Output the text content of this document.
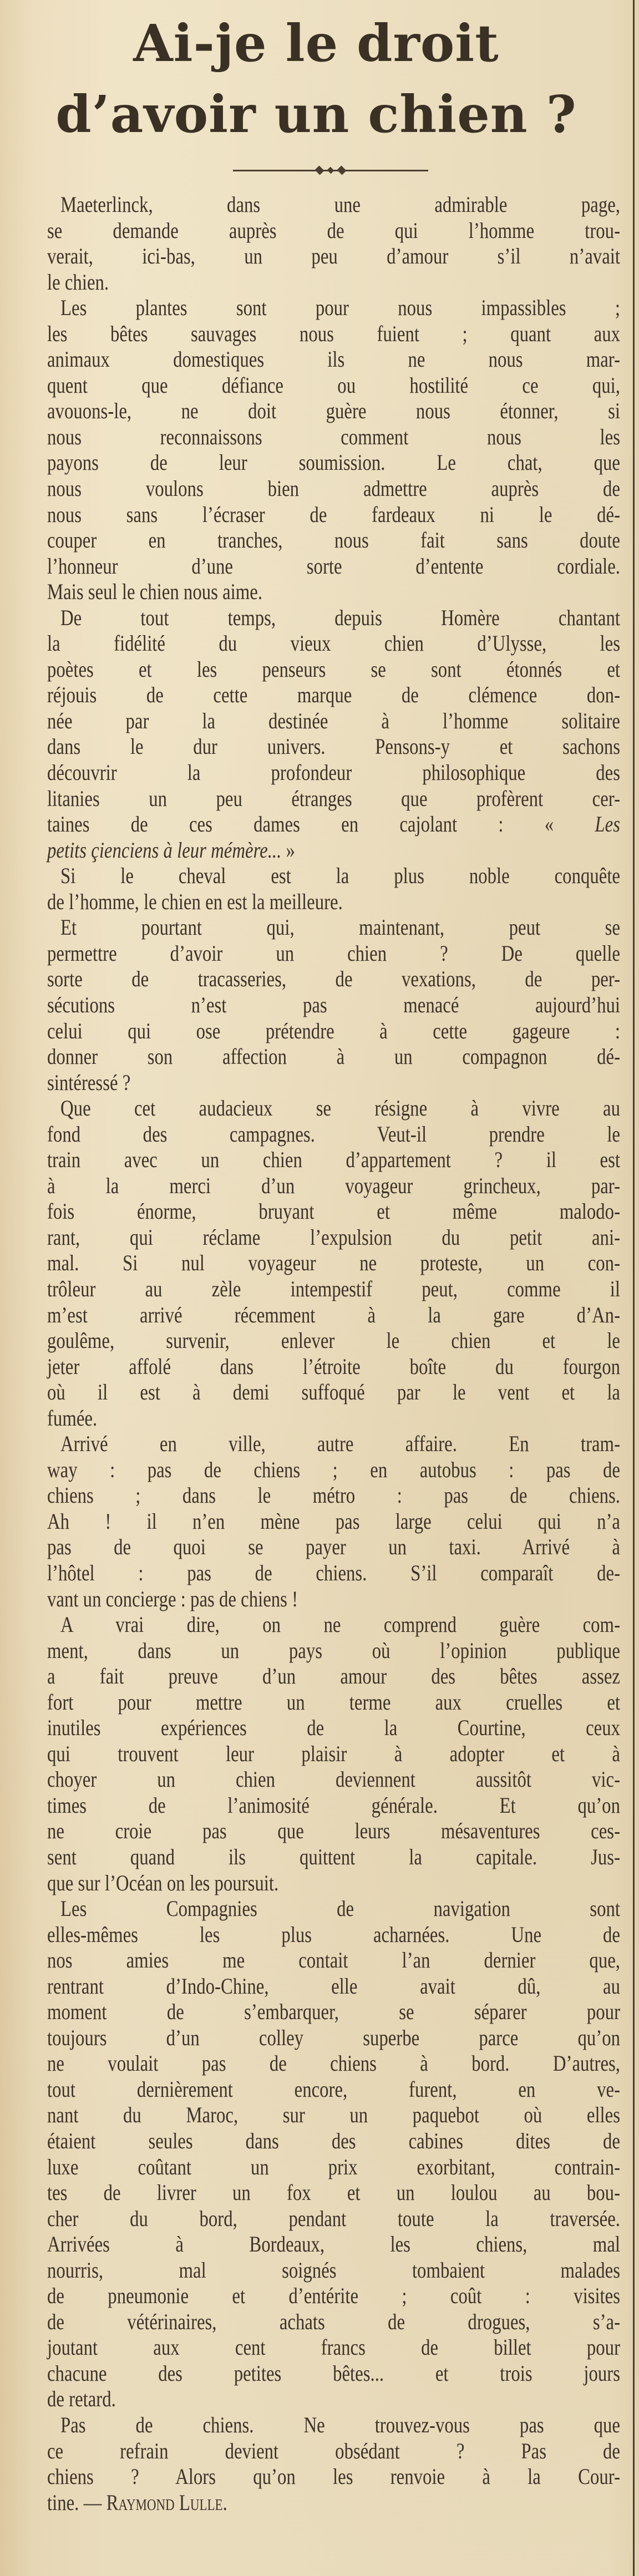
Ai-je le droit
d’avoir un chien ?
Maeterlinck, dans une admirable page,
se demande auprès de qui l’homme trou-
verait, ici-bas, un peu d’amour s’il n’avait
le chien.
Les plantes sont pour nous impassibles ;
les bêtes sauvages nous fuient ; quant aux
animaux domestiques ils ne nous mar-
quent que défiance ou hostilité ce qui,
avouons-le, ne doit guère nous étonner, si
nous reconnaissons comment nous les
payons de leur soumission. Le chat, que
nous voulons bien admettre auprès de
nous sans l’écraser de fardeaux ni le dé-
couper en tranches, nous fait sans doute
l’honneur d’une sorte d’entente cordiale.
Mais seul le chien nous aime.
De tout temps, depuis Homère chantant
la fidélité du vieux chien d’Ulysse, les
poètes et les penseurs se sont étonnés et
réjouis de cette marque de clémence don-
née par la destinée à l’homme solitaire
dans le dur univers. Pensons-y et sachons
découvrir la profondeur philosophique des
litanies un peu étranges que profèrent cer-
taines de ces dames en cajolant : « Les
petits çienciens à leur mémère... »
Si le cheval est la plus noble conquête
de l’homme, le chien en est la meilleure.
Et pourtant qui, maintenant, peut se
permettre d’avoir un chien ? De quelle
sorte de tracasseries, de vexations, de per-
sécutions n’est pas menacé aujourd’hui
celui qui ose prétendre à cette gageure :
donner son affection à un compagnon dé-
sintéressé ?
Que cet audacieux se résigne à vivre au
fond des campagnes. Veut-il prendre le
train avec un chien d’appartement ? il est
à la merci d’un voyageur grincheux, par-
fois énorme, bruyant et même malodo-
rant, qui réclame l’expulsion du petit ani-
mal. Si nul voyageur ne proteste, un con-
trôleur au zèle intempestif peut, comme il
m’est arrivé récemment à la gare d’An-
goulême, survenir, enlever le chien et le
jeter affolé dans l’étroite boîte du fourgon
où il est à demi suffoqué par le vent et la
fumée.
Arrivé en ville, autre affaire. En tram-
way : pas de chiens ; en autobus : pas de
chiens ; dans le métro : pas de chiens.
Ah ! il n’en mène pas large celui qui n’a
pas de quoi se payer un taxi. Arrivé à
l’hôtel : pas de chiens. S’il comparaît de-
vant un concierge : pas de chiens !
A vrai dire, on ne comprend guère com-
ment, dans un pays où l’opinion publique
a fait preuve d’un amour des bêtes assez
fort pour mettre un terme aux cruelles et
inutiles expériences de la Courtine, ceux
qui trouvent leur plaisir à adopter et à
choyer un chien deviennent aussitôt vic-
times de l’animosité générale. Et qu’on
ne croie pas que leurs mésaventures ces-
sent quand ils quittent la capitale. Jus-
que sur l’Océan on les poursuit.
Les Compagnies de navigation sont
elles-mêmes les plus acharnées. Une de
nos amies me contait l’an dernier que,
rentrant d’Indo-Chine, elle avait dû, au
moment de s’embarquer, se séparer pour
toujours d’un colley superbe parce qu’on
ne voulait pas de chiens à bord. D’autres,
tout dernièrement encore, furent, en ve-
nant du Maroc, sur un paquebot où elles
étaient seules dans des cabines dites de
luxe coûtant un prix exorbitant, contrain-
tes de livrer un fox et un loulou au bou-
cher du bord, pendant toute la traversée.
Arrivées à Bordeaux, les chiens, mal
nourris, mal soignés tombaient malades
de pneumonie et d’entérite ; coût : visites
de vétérinaires, achats de drogues, s’a-
joutant aux cent francs de billet pour
chacune des petites bêtes... et trois jours
de retard.
Pas de chiens. Ne trouvez-vous pas que
ce refrain devient obsédant ? Pas de
chiens ? Alors qu’on les renvoie à la Cour-
tine. — Raymond Lulle.
